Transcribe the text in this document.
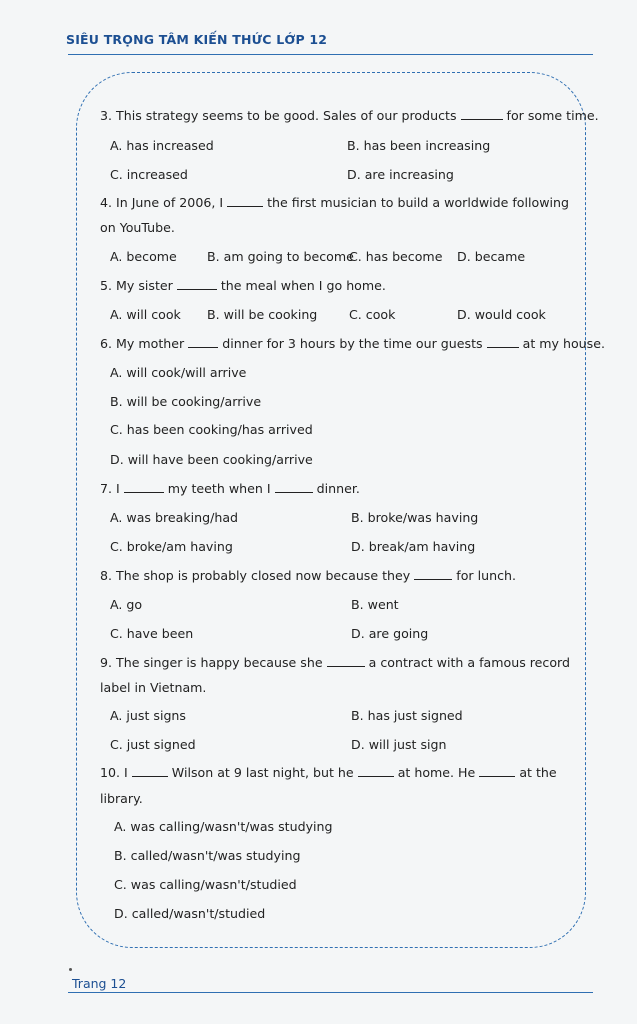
SIÊU TRỌNG TÂM KIẾN THỨC LỚP 12
3. This strategy seems to be good. Sales of our products	for some time.
A. has increased	B. has been increasing
C. increased	D. are increasing
4. In June of 2006, I	the first musician to build a worldwide following
on YouTube.
A. become B. am going to become
C. has become D. became
5. My sister	the meal when I go home.
A. will cook B. will be cooking	C. cook	D. would cook
6. My mother	dinner for 3 hours by the time our guests	at my house.
A. will cook/will arrive
B. will be cooking/arrive
C. has been cooking/has arrived
D. will have been cooking/arrive
7. I	my teeth when I	dinner.
A. was breaking/had	B. broke/was having
C. broke/am having	D. break/am having
8. The shop is probably closed now because they	for lunch.
A. go	B. went
C. have been	D. are going
9. The singer is happy because she	a contract with a famous record
label in Vietnam.
A. just signs	B. has just signed
C. just signed	D. will just sign
10. I	Wilson at 9 last night, but he	at home. He	at the
library.
A. was calling/wasn't/was studying
B. called/wasn't/was studying
C. was calling/wasn't/studied
D. called/wasn't/studied
Trang 12
